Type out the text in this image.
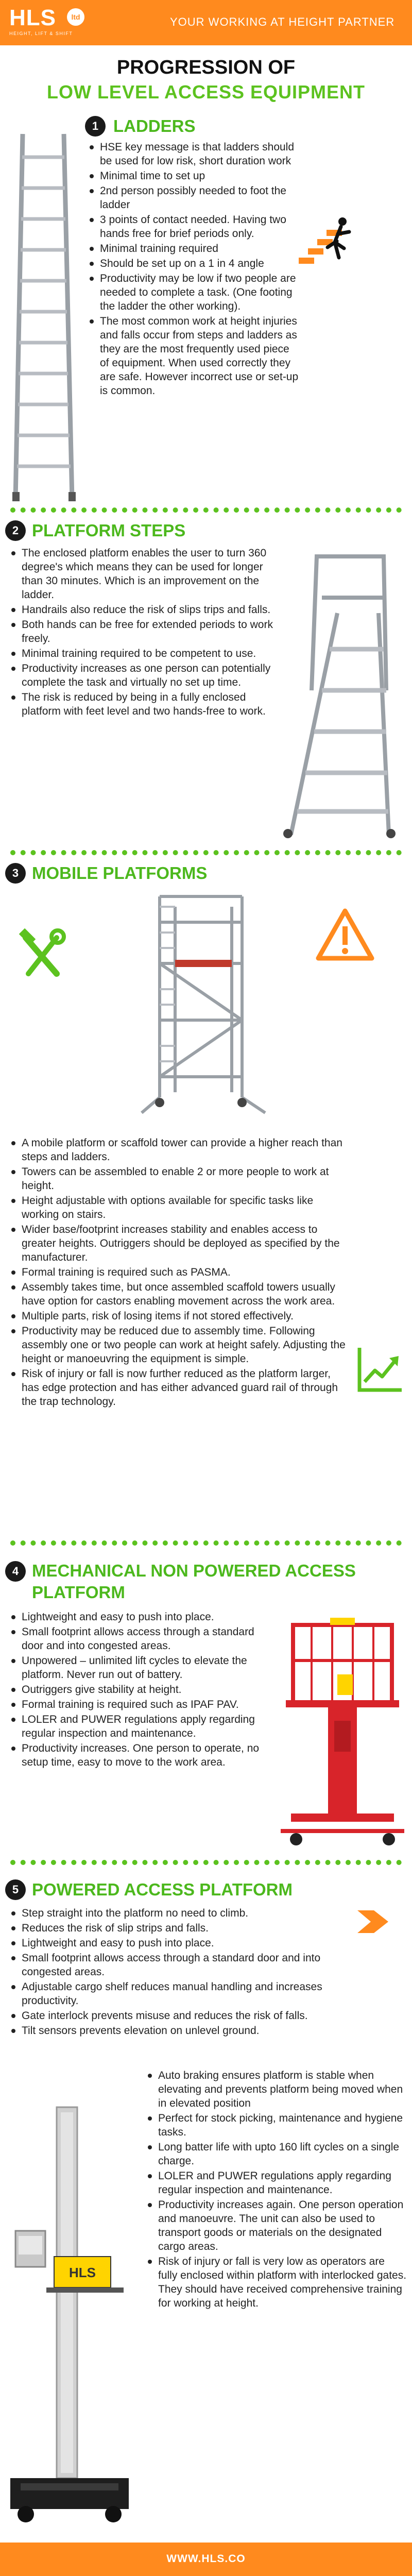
HLS	ltd
HEIGHT, LIFT & SHIFT
YOUR WORKING AT HEIGHT PARTNER
PROGRESSION OF
LOW LEVEL ACCESS EQUIPMENT
1 LADDERS
HSE key message is that ladders should be used for low risk, short duration work
Minimal time to set up
2nd person possibly needed to foot the ladder
3 points of contact needed. Having two hands free for brief periods only.
Minimal training required
Should be set up on a 1 in 4 angle
Productivity may be low if two people are needed to complete a task. (One footing the ladder the other working).
The most common work at height injuries and falls occur from steps and ladders as they are the most frequently used piece of equipment. When used correctly they are safe. However incorrect use or set-up is common.
2 PLATFORM STEPS
The enclosed platform enables the user to turn 360 degree's which means they can be used for longer than 30 minutes. Which is an improvement on the ladder.
Handrails also reduce the risk of slips trips and falls.
Both hands can be free for extended periods to work freely.
Minimal training required to be competent to use.
Productivity increases as one person can potentially complete the task and virtually no set up time.
The risk is reduced by being in a fully enclosed platform with feet level and two hands-free to work.
3 MOBILE PLATFORMS
A mobile platform or scaffold tower can provide a higher reach than steps and ladders.
Towers can be assembled to enable 2 or more people to work at height.
Height adjustable with options available for specific tasks like working on stairs.
Wider base/footprint increases stability and enables access to greater heights. Outriggers should be deployed as specified by the manufacturer.
Formal training is required such as PASMA.
Assembly takes time, but once assembled scaffold towers usually have option for castors enabling movement across the work area.
Multiple parts, risk of losing items if not stored effectively.
Productivity may be reduced due to assembly time. Following assembly one or two people can work at height safely. Adjusting the height or manoeuvring the equipment is simple.
Risk of injury or fall is now further reduced as the platform larger, has edge protection and has either advanced guard rail of through the trap technology.
4 MECHANICAL NON POWERED ACCESS
PLATFORM
Lightweight and easy to push into place.
Small footprint allows access through a standard door and into congested areas.
Unpowered – unlimited lift cycles to elevate the platform. Never run out of battery.
Outriggers give stability at height.
Formal training is required such as IPAF PAV.
LOLER and PUWER regulations apply regarding regular inspection and maintenance.
Productivity increases. One person to operate, no setup time, easy to move to the work area.
5 POWERED ACCESS PLATFORM
Step straight into the platform no need to climb.
Reduces the risk of slip strips and falls.
Lightweight and easy to push into place.
Small footprint allows access through a standard door and into congested areas.
Adjustable cargo shelf reduces manual handling and increases productivity.
Gate interlock prevents misuse and reduces the risk of falls.
Tilt sensors prevents elevation on unlevel ground.
HLS
Auto braking ensures platform is stable when elevating and prevents platform being moved when in elevated position
Perfect for stock picking, maintenance and hygiene tasks.
Long batter life with upto 160 lift cycles on a single charge.
LOLER and PUWER regulations apply regarding regular inspection and maintenance.
Productivity increases again. One person operation and manoeuvre. The unit can also be used to transport goods or materials on the designated cargo areas.
Risk of injury or fall is very low as operators are fully enclosed within platform with interlocked gates. They should have received comprehensive training for working at height.
WWW.HLS.CO
